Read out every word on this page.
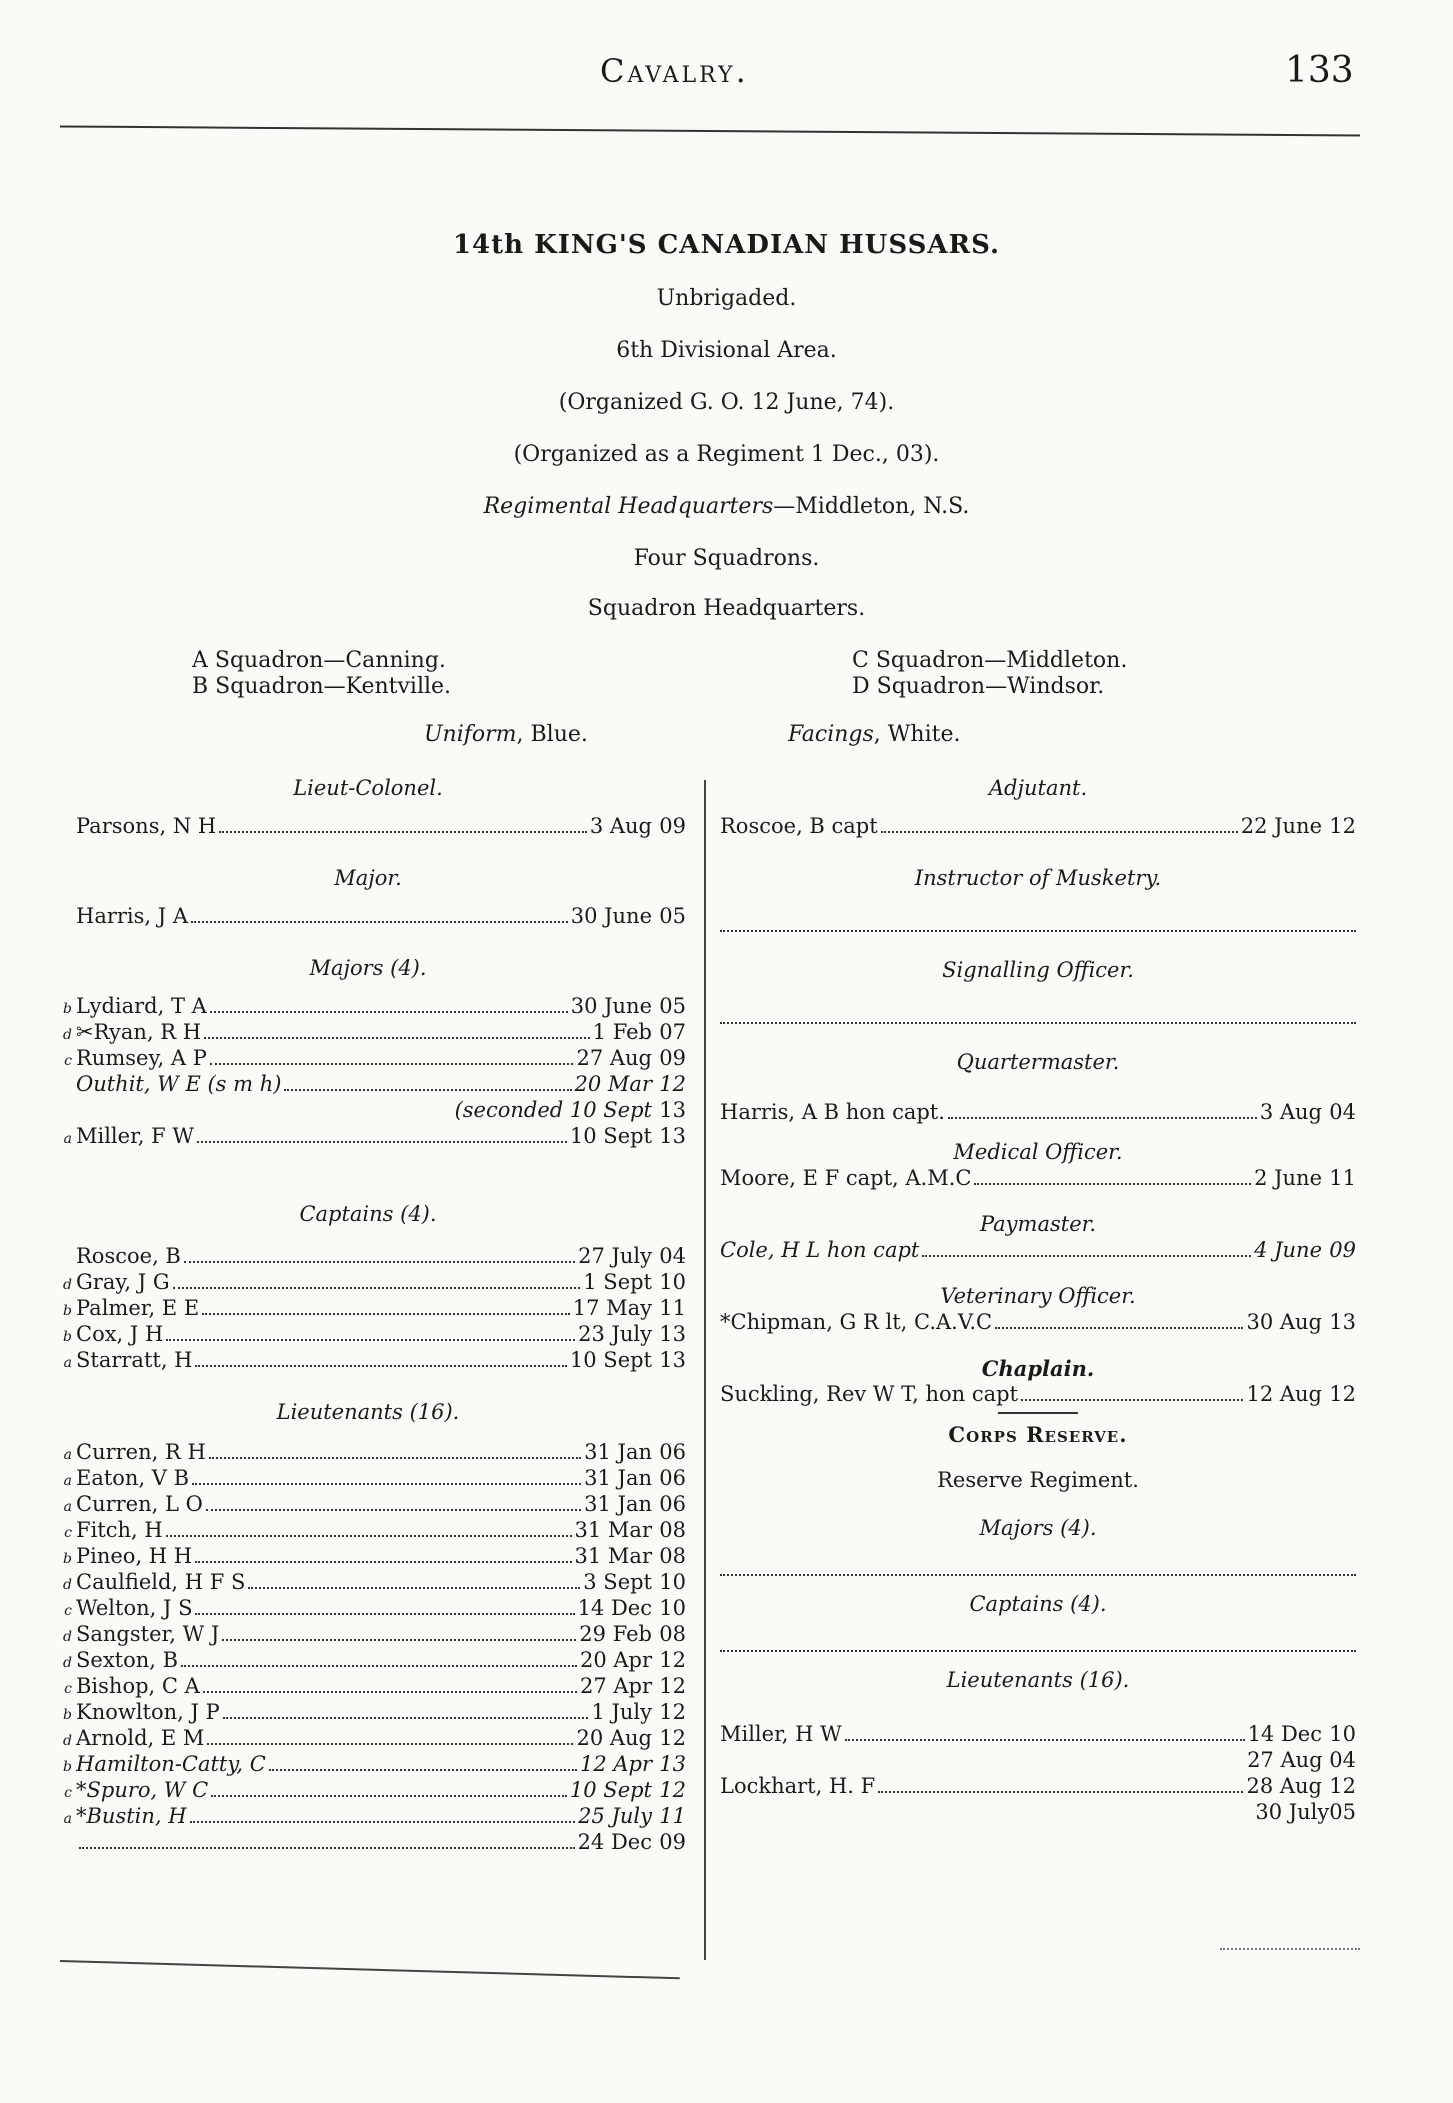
Cavalry.	133
14th KING'S CANADIAN HUSSARS.
Unbrigaded.
6th Divisional Area.
(Organized G. O. 12 June, 74).
(Organized as a Regiment 1 Dec., 03).
Regimental Headquarters—Middleton, N.S.
Four Squadrons.
Squadron Headquarters.
A Squadron—Canning.
B Squadron—Kentville.
C Squadron—Middleton.
D Squadron—Windsor.
Uniform, Blue.	Facings, White.
Lieut-Colonel.
Parsons, N H	3 Aug 09
Major.
Harris, J A	30 June 05
Majors (4).
b Lydiard, T A	30 June 05
d ✂Ryan, R H	1 Feb 07
c Rumsey, A P	27 Aug 09
Outhit, W E (s m h)	20 Mar 12
(seconded 10 Sept 13
a Miller, F W	10 Sept 13
Captains (4).
Roscoe, B	27 July 04
d Gray, J G	1 Sept 10
b Palmer, E E	17 May 11
b Cox, J H	23 July 13
a Starratt, H	10 Sept 13
Lieutenants (16).
a Curren, R H	31 Jan 06
a Eaton, V B	31 Jan 06
a Curren, L O	31 Jan 06
c Fitch, H	31 Mar 08
b Pineo, H H	31 Mar 08
d Caulfield, H F S	3 Sept 10
c Welton, J S	14 Dec 10
d Sangster, W J	29 Feb 08
d Sexton, B	20 Apr 12
c Bishop, C A	27 Apr 12
b Knowlton, J P	1 July 12
d Arnold, E M	20 Aug 12
b Hamilton-Catty, C	12 Apr 13
c *Spuro, W C	10 Sept 12
a *Bustin, H	25 July 11
24 Dec 09
Adjutant.
Roscoe, B capt	22 June 12
Instructor of Musketry.
Signalling Officer.
Quartermaster.
Harris, A B hon capt.	3 Aug 04
Medical Officer.
Moore, E F capt, A.M.C	2 June 11
Paymaster.
Cole, H L hon capt	4 June 09
Veterinary Officer.
*Chipman, G R lt, C.A.V.C	30 Aug 13
Chaplain.
Suckling, Rev W T, hon capt	12 Aug 12
Corps Reserve.
Reserve Regiment.
Majors (4).
Captains (4).
Lieutenants (16).
Miller, H W	14 Dec 10
27 Aug 04
Lockhart, H. F	28 Aug 12
30 July05
